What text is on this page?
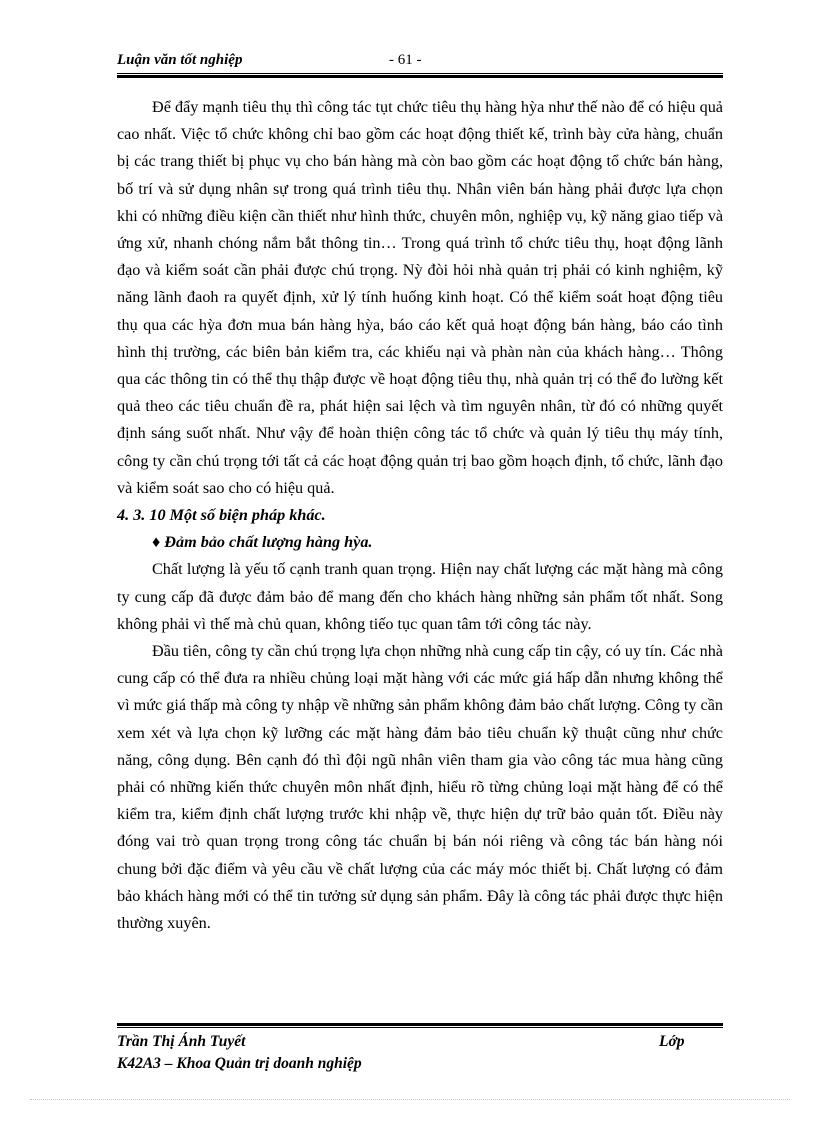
Luận văn tốt nghiệp	- 61 -

Để đẩy mạnh tiêu thụ thì công tác tụt chức tiêu thụ hàng hỳa như thế nào để có hiệu quả cao nhất. Việc tổ chức không chỉ bao gồm các hoạt động thiết kế, trình bày cửa hàng, chuẩn bị các trang thiết bị phục vụ cho bán hàng mà còn bao gồm các hoạt động tổ chức bán hàng, bố trí và sử dụng nhân sự trong quá trình tiêu thụ. Nhân viên bán hàng phải được lựa chọn khi có những điều kiện cần thiết như hình thức, chuyên môn, nghiệp vụ, kỹ năng giao tiếp và ứng xử, nhanh chóng nắm bắt thông tin… Trong quá trình tổ chức tiêu thụ, hoạt động lãnh đạo và kiểm soát cần phải được chú trọng. Nỳ đòi hỏi nhà quản trị phải có kinh nghiệm, kỹ năng lãnh đaoh ra quyết định, xử lý tính huống kinh hoạt. Có thể kiểm soát hoạt động tiêu thụ qua các hỳa đơn mua bán hàng hỳa, báo cáo kết quả hoạt động bán hàng, báo cáo tình hình thị trường, các biên bản kiểm tra, các khiếu nại và phàn nàn của khách hàng… Thông qua các thông tin có thể thụ thập được về hoạt động tiêu thụ, nhà quản trị có thể đo lường kết quả theo các tiêu chuẩn đề ra, phát hiện sai lệch và tìm nguyên nhân, từ đó có những quyết định sáng suốt nhất. Như vậy để hoàn thiện công tác tổ chức và quản lý tiêu thụ máy tính, công ty cần chú trọng tới tất cả các hoạt động quản trị bao gồm hoạch định, tổ chức, lãnh đạo và kiểm soát sao cho có hiệu quả.

4. 3. 10 Một số biện pháp khác.
♦ Đảm bảo chất lượng hàng hỳa.

Chất lượng là yếu tố cạnh tranh quan trọng. Hiện nay chất lượng các mặt hàng mà công ty cung cấp đã được đảm bảo để mang đến cho khách hàng những sản phẩm tốt nhất. Song không phải vì thế mà chủ quan, không tiếo tục quan tâm tới công tác này.

Đầu tiên, công ty cần chú trọng lựa chọn những nhà cung cấp tin cậy, có uy tín. Các nhà cung cấp có thể đưa ra nhiều chủng loại mặt hàng với các mức giá hấp dẫn nhưng không thể vì mức giá thấp mà công ty nhập về những sản phẩm không đảm bảo chất lượng. Công ty cần xem xét và lựa chọn kỹ lưỡng các mặt hàng đảm bảo tiêu chuẩn kỹ thuật cũng như chức năng, công dụng. Bên cạnh đó thì đội ngũ nhân viên tham gia vào công tác mua hàng cũng phải có những kiến thức chuyên môn nhất định, hiểu rõ từng chủng loại mặt hàng để có thể kiểm tra, kiểm định chất lượng trước khi nhập về, thực hiện dự trữ bảo quản tốt. Điều này đóng vai trò quan trọng trong công tác chuẩn bị bán nói riêng và công tác bán hàng nói chung bởi đặc điểm và yêu cầu về chất lượng của các máy móc thiết bị. Chất lượng có đảm bảo khách hàng mới có thể tin tưởng sử dụng sản phẩm. Đây là công tác phải được thực hiện thường xuyên.

Trần Thị Ánh Tuyết	Lớp
K42A3 – Khoa Quản trị doanh nghiệp
